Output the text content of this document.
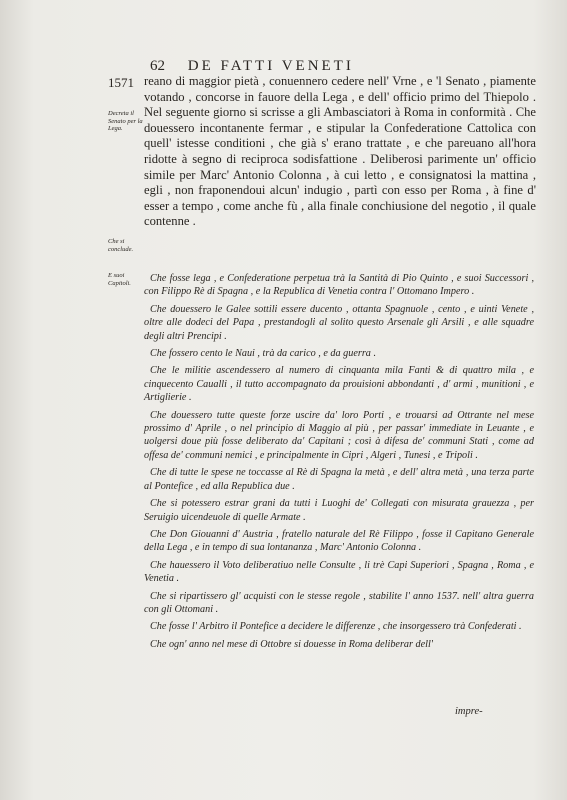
62 DE FATTI VENETI
1571
Decreta il Senato per la Lega.
Che si conclude.
E suoi Capitoli.

reano di maggior pietà , conuennero cedere nell' Vrne , e 'l Senato , piamente votando , concorse in fauore della Lega , e dell' officio primo del Thiepolo . Nel seguente giorno si scrisse a gli Ambasciatori à Roma in conformità . Che douessero incontanente fermar , e stipular la Confederatione Cattolica con quell' istesse conditioni , che già s' erano trattate , e che pareuano all'hora ridotte à segno di reciproca sodisfattione . Deliberosi parimente un' officio simile per Marc' Antonio Colonna , à cui letto , e consignatosi la mattina , egli , non fraponendoui alcun' indugio , partì con esso per Roma , à fine d' esser a tempo , come anche fù , alla finale conchiusione del negotio , il quale contenne .

Che fosse lega , e Confederatione perpetua trà la Santità di Pio Quinto , e suoi Successori , con Filippo Rè di Spagna , e la Republica di Venetia contra l' Ottomano Impero .

Che douessero le Galee sottili essere ducento , ottanta Spagnuole , cento , e uinti Venete , oltre alle dodeci del Papa , prestandogli al solito questo Arsenale gli Arsili , e alle squadre degli altri Prencipi .

Che fossero cento le Naui , trà da carico , e da guerra .

Che le militie ascendessero al numero di cinquanta mila Fanti & di quattro mila , e cinquecento Caualli , il tutto accompagnato da prouisioni abbondanti , d' armi , munitioni , e Artiglierie .

Che douessero tutte queste forze uscire da' loro Porti , e trouarsi ad Ottrante nel mese prossimo d' Aprile , o nel principio di Maggio al più , per passar' immediate in Leuante , e uolgersi doue più fosse deliberato da' Capitani ; così à difesa de' communi Stati , come ad offesa de' communi nemici , e principalmente in Cipri , Algeri , Tunesi , e Tripoli .

Che di tutte le spese ne toccasse al Rè di Spagna la metà , e dell' altra metà , una terza parte al Pontefice , ed alla Republica due .

Che si potessero estrar grani da tutti i Luoghi de' Collegati con misurata grauezza , per Seruigio uicendeuole di quelle Armate .

Che Don Giouanni d' Austria , fratello naturale del Rè Filippo , fosse il Capitano Generale della Lega , e in tempo di sua lontananza , Marc' Antonio Colonna .

Che hauessero il Voto deliberatiuo nelle Consulte , li trè Capi Superiori , Spagna , Roma , e Venetia .

Che si ripartissero gl' acquisti con le stesse regole , stabilite l' anno 1537. nell' altra guerra con gli Ottomani .

Che fosse l' Arbitro il Pontefice a decidere le differenze , che insorgessero trà Confederati .

Che ogn' anno nel mese di Ottobre si douesse in Roma deliberar dell'

impre-
